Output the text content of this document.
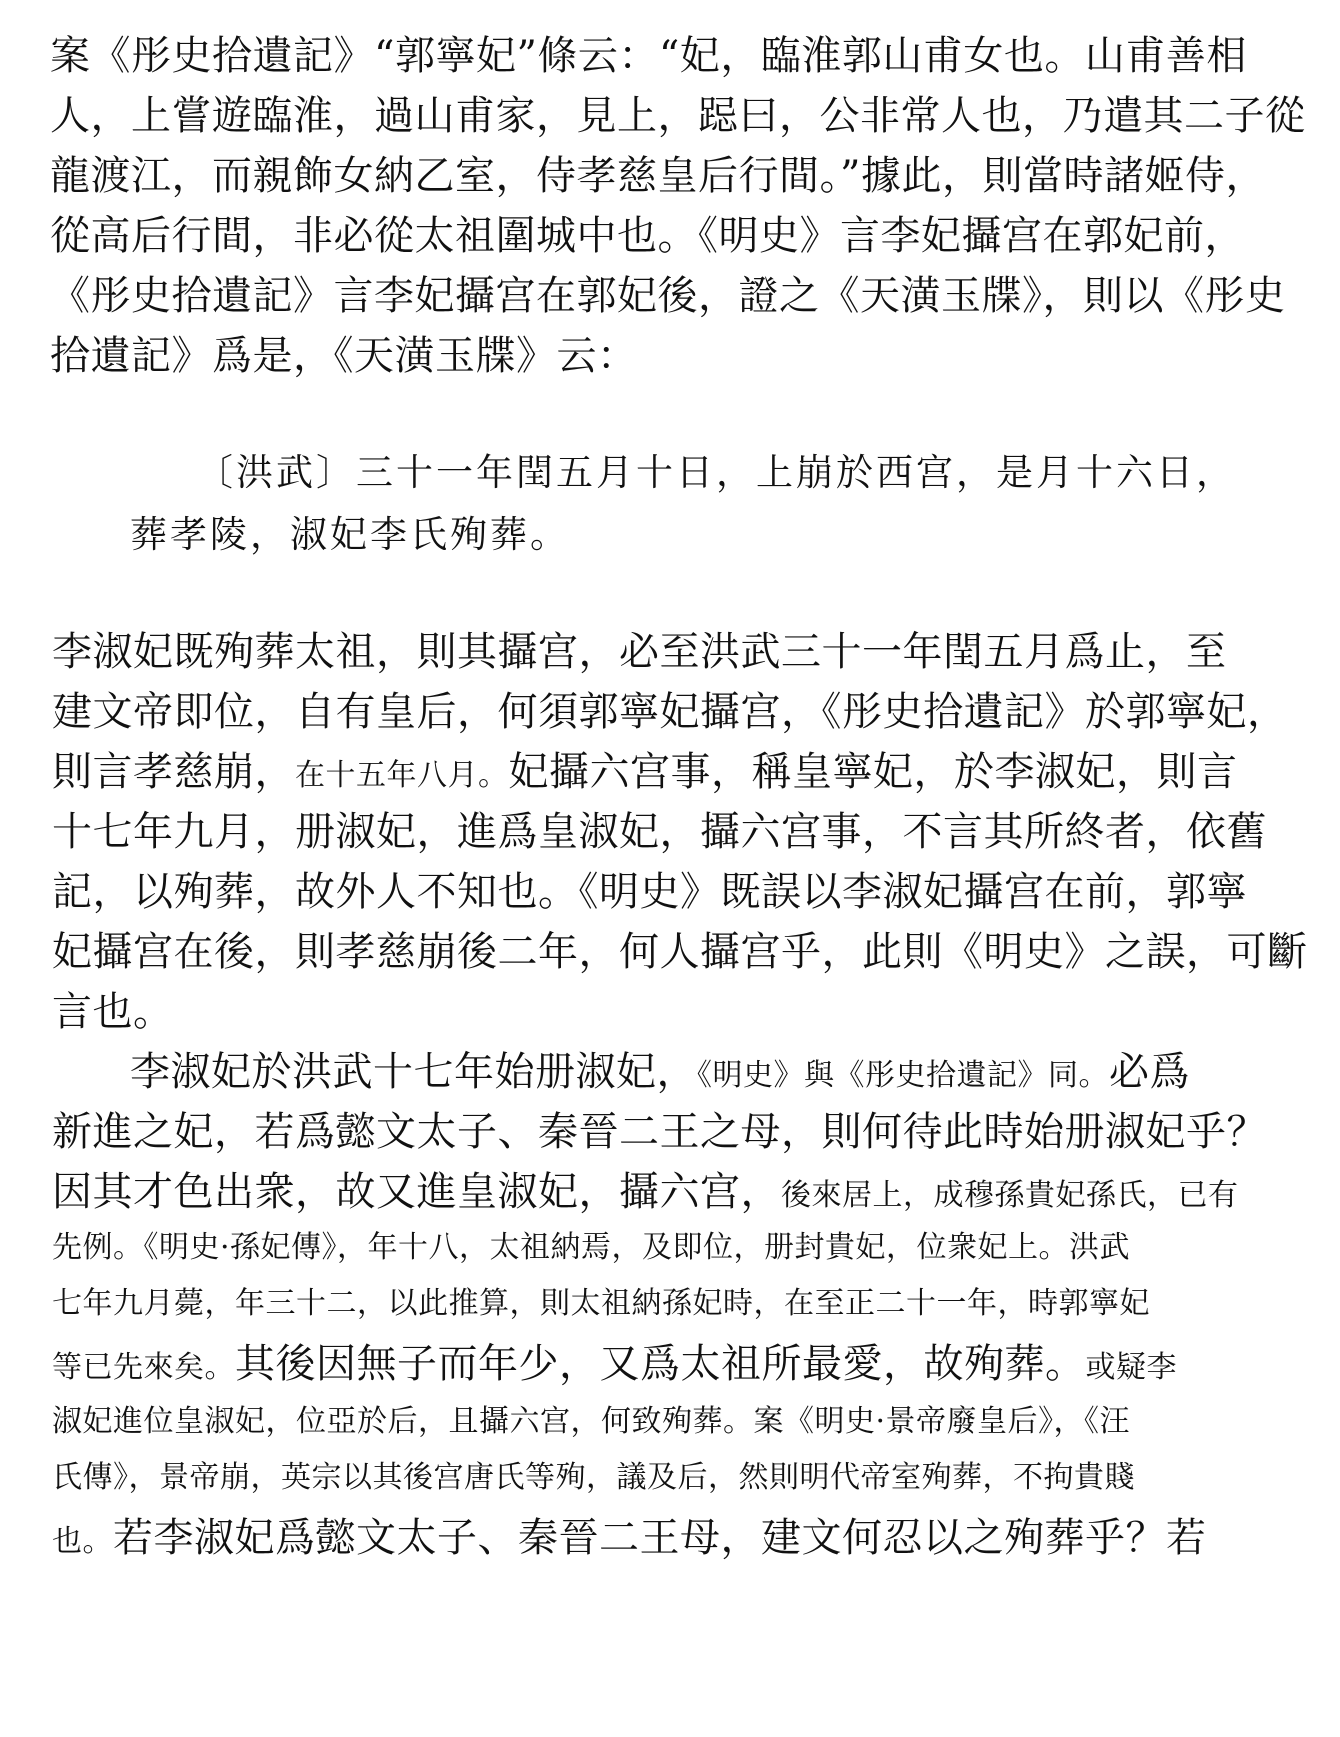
案《彤史拾遺記》“郭寧妃”條云：“妃，臨淮郭山甫女也。山甫善相
人，上嘗遊臨淮，過山甫家，見上，跽曰，公非常人也，乃遣其二子從
龍渡江，而親飾女納乙室，侍孝慈皇后行間。”據此，則當時諸姬侍，
從高后行間，非必從太祖圍城中也。《明史》言李妃攝宫在郭妃前，
《彤史拾遺記》言李妃攝宫在郭妃後，證之《天潢玉牒》，則以《彤史
拾遺記》爲是，《天潢玉牒》云：
〔洪武〕三十一年閏五月十日，上崩於西宫，是月十六日，
葬孝陵，淑妃李氏殉葬。
李淑妃既殉葬太祖，則其攝宫，必至洪武三十一年閏五月爲止，至
建文帝即位，自有皇后，何須郭寧妃攝宫，《彤史拾遺記》於郭寧妃，
則言孝慈崩，在十五年八月。妃攝六宫事，稱皇寧妃，於李淑妃，則言
十七年九月，册淑妃，進爲皇淑妃，攝六宫事，不言其所終者，依舊
記，以殉葬，故外人不知也。《明史》既誤以李淑妃攝宫在前，郭寧
妃攝宫在後，則孝慈崩後二年，何人攝宫乎，此則《明史》之誤，可斷
言也。
李淑妃於洪武十七年始册淑妃，《明史》與《彤史拾遺記》同。必爲
新進之妃，若爲懿文太子、秦晉二王之母，則何待此時始册淑妃乎？
因其才色出衆，故又進皇淑妃，攝六宫，後來居上，成穆孫貴妃孫氏，已有
先例。《明史·孫妃傳》，年十八，太祖納焉，及即位，册封貴妃，位衆妃上。洪武
七年九月薨，年三十二，以此推算，則太祖納孫妃時，在至正二十一年，時郭寧妃
等已先來矣。其後因無子而年少，又爲太祖所最愛，故殉葬。或疑李
淑妃進位皇淑妃，位亞於后，且攝六宫，何致殉葬。案《明史·景帝廢皇后》，《汪
氏傳》，景帝崩，英宗以其後宫唐氏等殉，議及后，然則明代帝室殉葬，不拘貴賤
也。若李淑妃爲懿文太子、秦晉二王母，建文何忍以之殉葬乎？若
